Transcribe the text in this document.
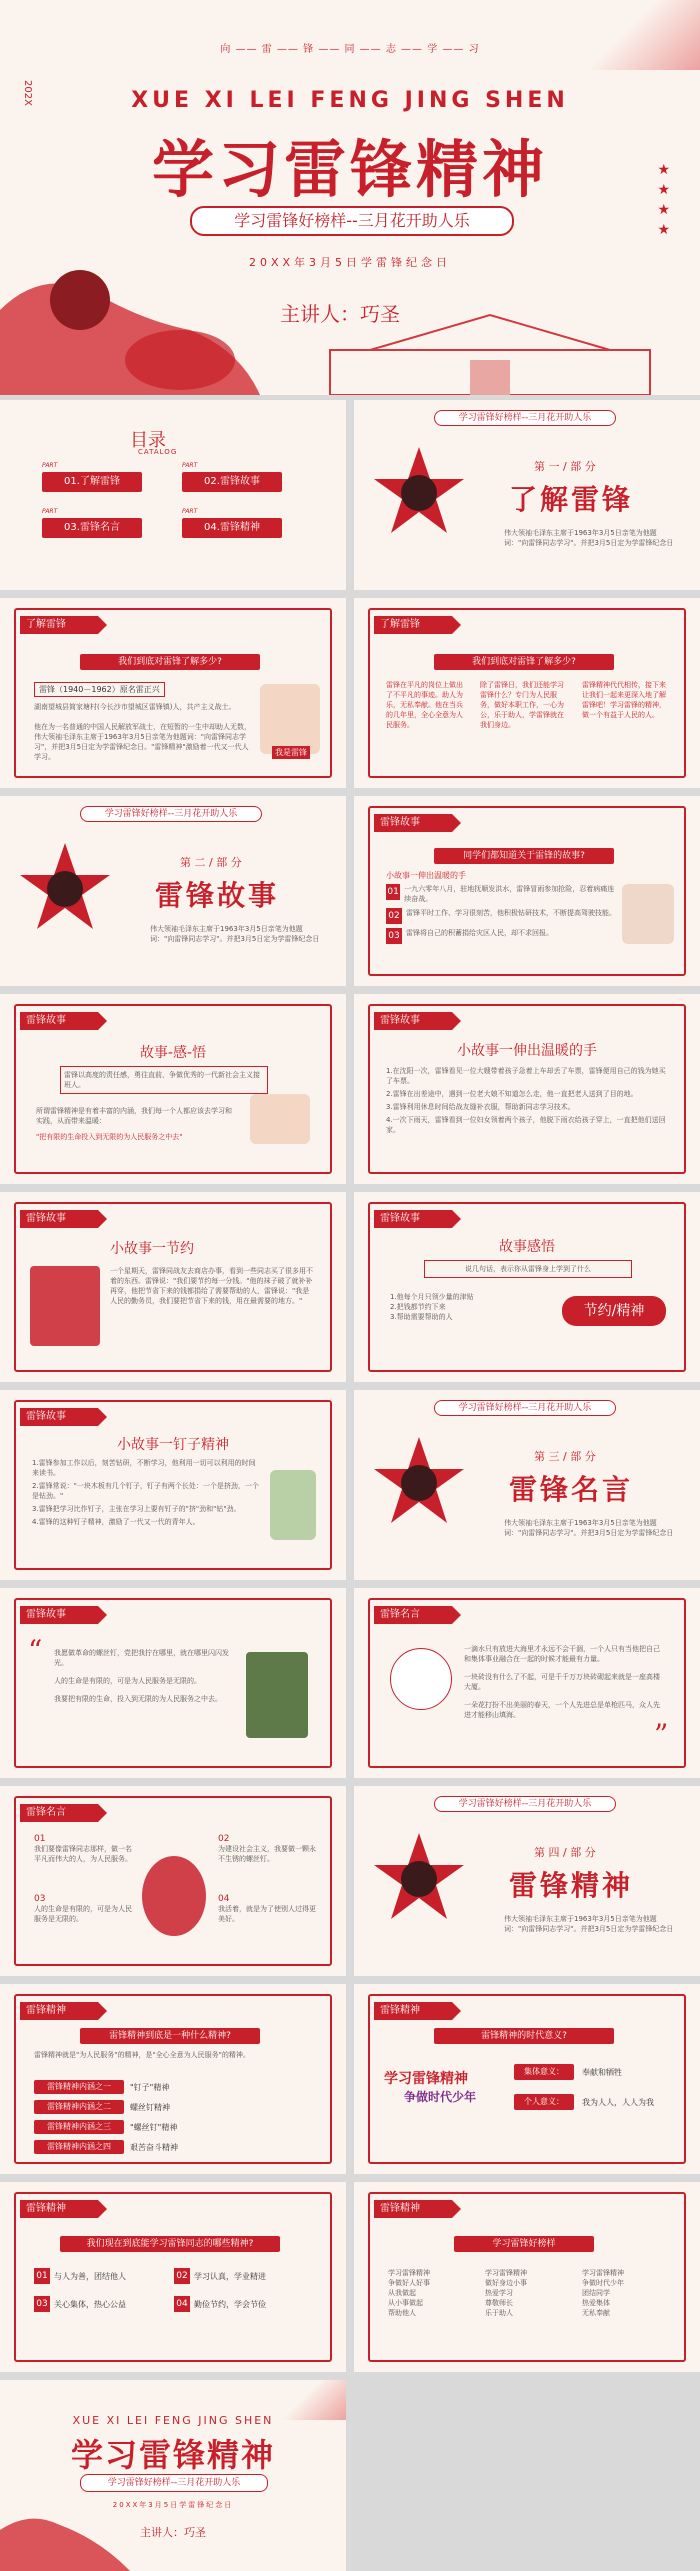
向 —— 雷 —— 锋 —— 同 —— 志 —— 学 —— 习
202X	XUE XI LEI FENG JING SHEN
学习雷锋精神
学习雷锋好榜样--三月花开助人乐
20XX年3月5日学雷锋纪念日
主讲人：巧圣
★
★
★
★
目录
CATALOG
PART
01.了解雷锋
PART
02.雷锋故事
PART
03.雷锋名言
PART
04.雷锋精神
学习雷锋好榜样--三月花开助人乐
第 一 / 部 分
了解雷锋
伟大领袖毛泽东主席于1963年3月5日亲笔为他题词："向雷锋同志学习"。并把3月5日定为学雷锋纪念日
了解雷锋
我们到底对雷锋了解多少?
雷锋（1940－1962）原名雷正兴
湖南望城县简家塘村(今长沙市望城区雷锋镇)人，共产主义战士。
他在为一名普通的中国人民解放军战士，在短暂的一生中却助人无数，伟大领袖毛泽东主席于1963年3月5日亲笔为他题词："向雷锋同志学习"，并把3月5日定为学雷锋纪念日。"雷锋精神"激励着一代又一代人学习。	我是雷锋
了解雷锋
我们到底对雷锋了解多少?
雷锋在平凡的岗位上做出了不平凡的事迹。助人为乐，无私奉献。他在当兵的几年里，全心全意为人民服务。
除了雷锋日，我们还能学习雷锋什么？专门为人民服务，做好本职工作，一心为公，乐于助人，学雷锋就在我们身边。
雷锋精神代代相传，接下来让我们一起来更深入地了解雷锋吧！学习雷锋的精神，做一个有益于人民的人。
学习雷锋好榜样--三月花开助人乐
第 二 / 部 分
雷锋故事
伟大领袖毛泽东主席于1963年3月5日亲笔为他题词："向雷锋同志学习"。并把3月5日定为学雷锋纪念日
雷锋故事
同学们都知道关于雷锋的故事?
小故事一伸出温暖的手
01 一九六零年八月，驻地抚顺发洪水，雷锋冒雨参加抢险，忍着病痛连续奋战。
02 雷锋平时工作、学习很刻苦，他积极钻研技术，不断提高驾驶技能。
03 雷锋将自己的积蓄捐给灾区人民，却不求回报。
雷锋故事
故事-感-悟
雷锋以高度的责任感，勇往直前，争做优秀的一代新社会主义接班人。
所谓雷锋精神是有着丰富的内涵，我们每一个人都应该去学习和实践，从而带来温暖：
"把有限的生命投入到无限的为人民服务之中去"
雷锋故事
小故事一伸出温暖的手
1.在沈阳一次，雷锋看见一位大嫂带着孩子急着上车却丢了车票，雷锋便用自己的钱为她买了车票。
2.雷锋在出差途中，遇到一位老大娘不知道怎么走，他一直把老人送到了目的地。
3.雷锋利用休息时间给战友缝补衣服，帮助新同志学习技术。
4.一次下雨天，雷锋看到一位妇女领着两个孩子，他脱下雨衣给孩子穿上，一直把他们送回家。
雷锋故事
小故事一节约
一个星期天，雷锋同战友去商店办事，看到一些同志买了很多用不着的东西。雷锋说："我们要节约每一分钱。"他的袜子破了就补补再穿，他把节省下来的钱都捐给了需要帮助的人，雷锋说："我是人民的勤务员，我们要把节省下来的钱，用在最需要的地方。"
雷锋故事
故事感悟
说几句话，表示你从雷锋身上学到了什么
1.他每个月只领少量的津贴
2.把钱都节约下来
3.帮助需要帮助的人	节约/精神
雷锋故事
小故事一钉子精神
1.雷锋参加工作以后，刻苦钻研，不断学习，他利用一切可以利用的时间来读书。
2.雷锋常说："一块木板有几个钉子，钉子有两个长处：一个是挤劲，一个是钻劲。"
3.雷锋把学习比作钉子，主张在学习上要有钉子的"挤"劲和"钻"劲。
4.雷锋的这种钉子精神，激励了一代又一代的青年人。
学习雷锋好榜样--三月花开助人乐
第 三 / 部 分
雷锋名言
伟大领袖毛泽东主席于1963年3月5日亲笔为他题词："向雷锋同志学习"。并把3月5日定为学雷锋纪念日
雷锋故事
“ 我愿做革命的螺丝钉，党把我拧在哪里，就在哪里闪闪发光。
人的生命是有限的，可是为人民服务是无限的。
我要把有限的生命，投入到无限的为人民服务之中去。
雷锋名言
一滴水只有放进大海里才永远不会干涸，一个人只有当他把自己和集体事业融合在一起的时候才能最有力量。
一块砖没有什么了不起，可是千千万万块砖砌起来就是一座高楼大厦。
一朵花打扮不出美丽的春天，一个人先进总是单枪匹马，众人先进才能移山填海。
”
雷锋名言
01
我们要像雷锋同志那样，做一名平凡而伟大的人，为人民服务。
03
人的生命是有限的，可是为人民服务是无限的。
02
为建设社会主义，我要做一颗永不生锈的螺丝钉。
04
我活着，就是为了使别人过得更美好。
学习雷锋好榜样--三月花开助人乐
第 四 / 部 分
雷锋精神
伟大领袖毛泽东主席于1963年3月5日亲笔为他题词："向雷锋同志学习"。并把3月5日定为学雷锋纪念日
雷锋精神
雷锋精神到底是一种什么精神?
雷锋精神就是"为人民服务"的精神，是"全心全意为人民服务"的精神。
雷锋精神内涵之一	"钉子"精神
雷锋精神内涵之二	螺丝钉精神
雷锋精神内涵之三	"螺丝钉"精神
雷锋精神内涵之四	艰苦奋斗精神
雷锋精神
雷锋精神的时代意义?
学习雷锋精神
争做时代少年
集体意义：	奉献和牺牲
个人意义：	我为人人，人人为我
雷锋精神
我们现在到底能学习雷锋同志的哪些精神?
01 与人为善，团结他人	02 学习认真，学业精进
03 关心集体，热心公益	04 勤俭节约，学会节俭
雷锋精神
学习雷锋好榜样
学习雷锋精神
争做好人好事
从我做起
从小事做起
帮助他人
学习雷锋精神
做好身边小事
热爱学习
尊敬师长
乐于助人
学习雷锋精神
争做时代少年
团结同学
热爱集体
无私奉献
XUE XI LEI FENG JING SHEN
学习雷锋精神
学习雷锋好榜样--三月花开助人乐
20XX年3月5日学雷锋纪念日
主讲人：巧圣
